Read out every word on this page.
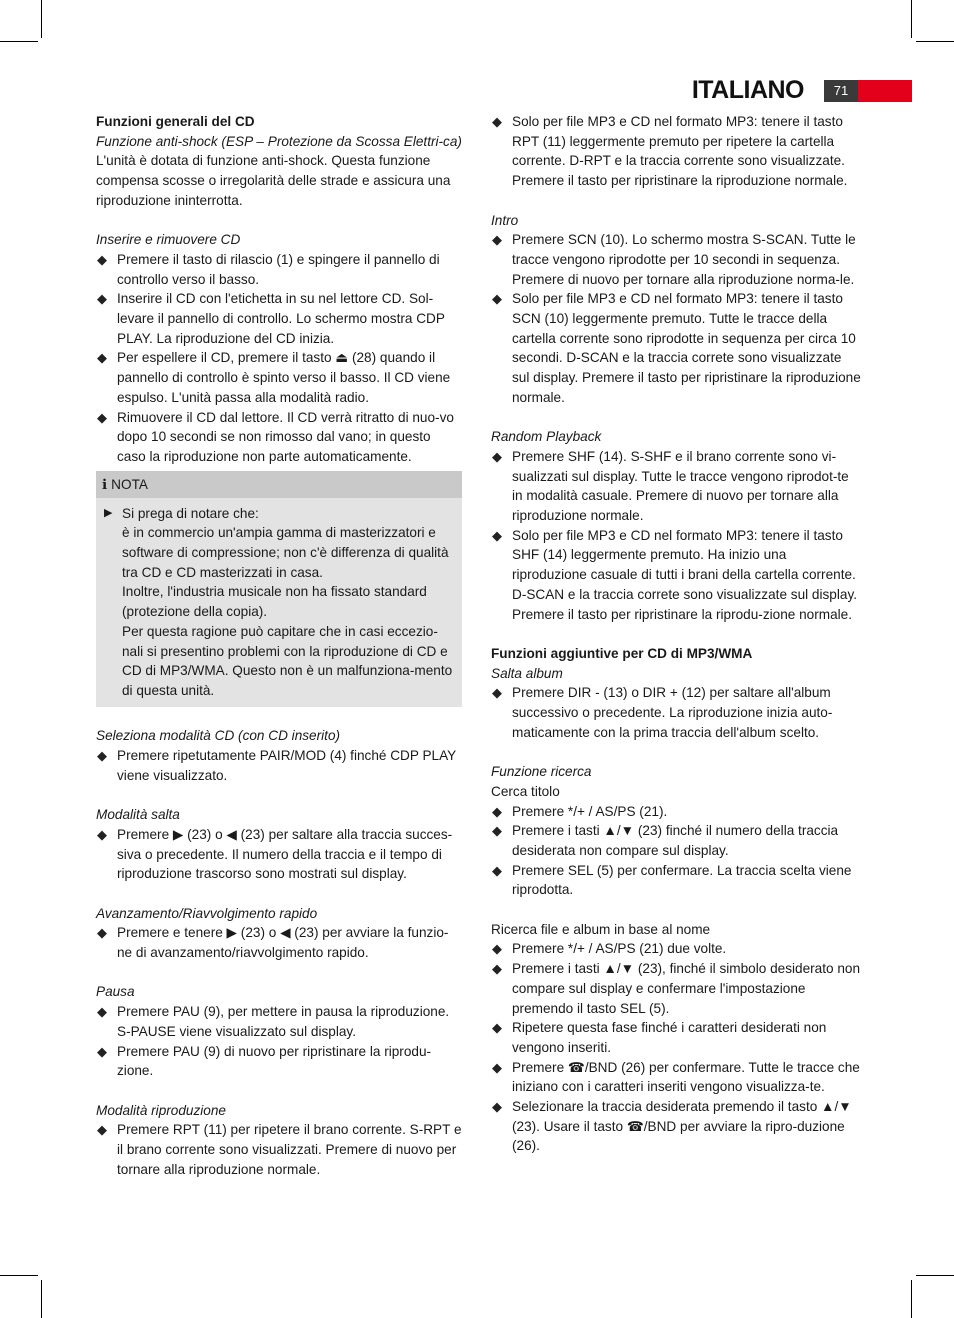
ITALIANO	71

Funzioni generali del CD

Funzione anti-shock (ESP – Protezione da Scossa Elettri-ca)

L'unità è dotata di funzione anti-shock. Questa funzione compensa scosse o irregolarità delle strade e assicura una riproduzione ininterrotta.

Inserire e rimuovere CD

◆ Premere il tasto di rilascio (1) e spingere il pannello di controllo verso il basso.
◆ Inserire il CD con l'etichetta in su nel lettore CD. Sol-levare il pannello di controllo. Lo schermo mostra CDP PLAY. La riproduzione del CD inizia.
◆ Per espellere il CD, premere il tasto ⏏ (28) quando il pannello di controllo è spinto verso il basso. Il CD viene espulso. L'unità passa alla modalità radio.
◆ Rimuovere il CD dal lettore. Il CD verrà ritratto di nuo-vo dopo 10 secondi se non rimosso dal vano; in questo caso la riproduzione non parte automaticamente.
ℹ NOTA
▶ Si prega di notare che:

è in commercio un'ampia gamma di masterizzatori e software di compressione; non c'è differenza di qualità tra CD e CD masterizzati in casa.

Inoltre, l'industria musicale non ha fissato standard (protezione della copia).

Per questa ragione può capitare che in casi eccezio-nali si presentino problemi con la riproduzione di CD e CD di MP3/WMA. Questo non è un malfunziona-mento di questa unità.

Seleziona modalità CD (con CD inserito)

◆ Premere ripetutamente PAIR/MOD (4) finché CDP PLAY viene visualizzato.

Modalità salta

◆ Premere ▶ (23) o ◀ (23) per saltare alla traccia succes-siva o precedente. Il numero della traccia e il tempo di riproduzione trascorso sono mostrati sul display.

Avanzamento/Riavvolgimento rapido

◆ Premere e tenere ▶ (23) o ◀ (23) per avviare la funzio-ne di avanzamento/riavvolgimento rapido.

Pausa

◆ Premere PAU (9), per mettere in pausa la riproduzione. S-PAUSE viene visualizzato sul display.
◆ Premere PAU (9) di nuovo per ripristinare la riprodu-zione.

Modalità riproduzione

◆ Premere RPT (11) per ripetere il brano corrente. S-RPT e il brano corrente sono visualizzati. Premere di nuovo per tornare alla riproduzione normale.
◆ Solo per file MP3 e CD nel formato MP3: tenere il tasto RPT (11) leggermente premuto per ripetere la cartella corrente. D-RPT e la traccia corrente sono visualizzate. Premere il tasto per ripristinare la riproduzione normale.

Intro

◆ Premere SCN (10). Lo schermo mostra S-SCAN. Tutte le tracce vengono riprodotte per 10 secondi in sequenza. Premere di nuovo per tornare alla riproduzione norma-le.
◆ Solo per file MP3 e CD nel formato MP3: tenere il tasto SCN (10) leggermente premuto. Tutte le tracce della cartella corrente sono riprodotte in sequenza per circa 10 secondi. D-SCAN e la traccia correte sono visualizzate sul display. Premere il tasto per ripristinare la riproduzione normale.

Random Playback

◆ Premere SHF (14). S-SHF e il brano corrente sono vi-sualizzati sul display. Tutte le tracce vengono riprodot-te in modalità casuale. Premere di nuovo per tornare alla riproduzione normale.
◆ Solo per file MP3 e CD nel formato MP3: tenere il tasto SHF (14) leggermente premuto. Ha inizio una riproduzione casuale di tutti i brani della cartella corrente. D-SCAN e la traccia correte sono visualizzate sul display. Premere il tasto per ripristinare la riprodu-zione normale.

Funzioni aggiuntive per CD di MP3/WMA

Salta album

◆ Premere DIR - (13) o DIR + (12) per saltare all'album successivo o precedente. La riproduzione inizia auto-maticamente con la prima traccia dell'album scelto.

Funzione ricerca

Cerca titolo

◆ Premere */+ / AS/PS (21).
◆ Premere i tasti ▲/▼ (23) finché il numero della traccia desiderata non compare sul display.
◆ Premere SEL (5) per confermare. La traccia scelta viene riprodotta.

Ricerca file e album in base al nome

◆ Premere */+ / AS/PS (21) due volte.
◆ Premere i tasti ▲/▼ (23), finché il simbolo desiderato non compare sul display e confermare l'impostazione premendo il tasto SEL (5).
◆ Ripetere questa fase finché i caratteri desiderati non vengono inseriti.
◆ Premere ☎/BND (26) per confermare. Tutte le tracce che iniziano con i caratteri inseriti vengono visualizza-te.
◆ Selezionare la traccia desiderata premendo il tasto ▲/▼ (23). Usare il tasto ☎/BND per avviare la ripro-duzione (26).
